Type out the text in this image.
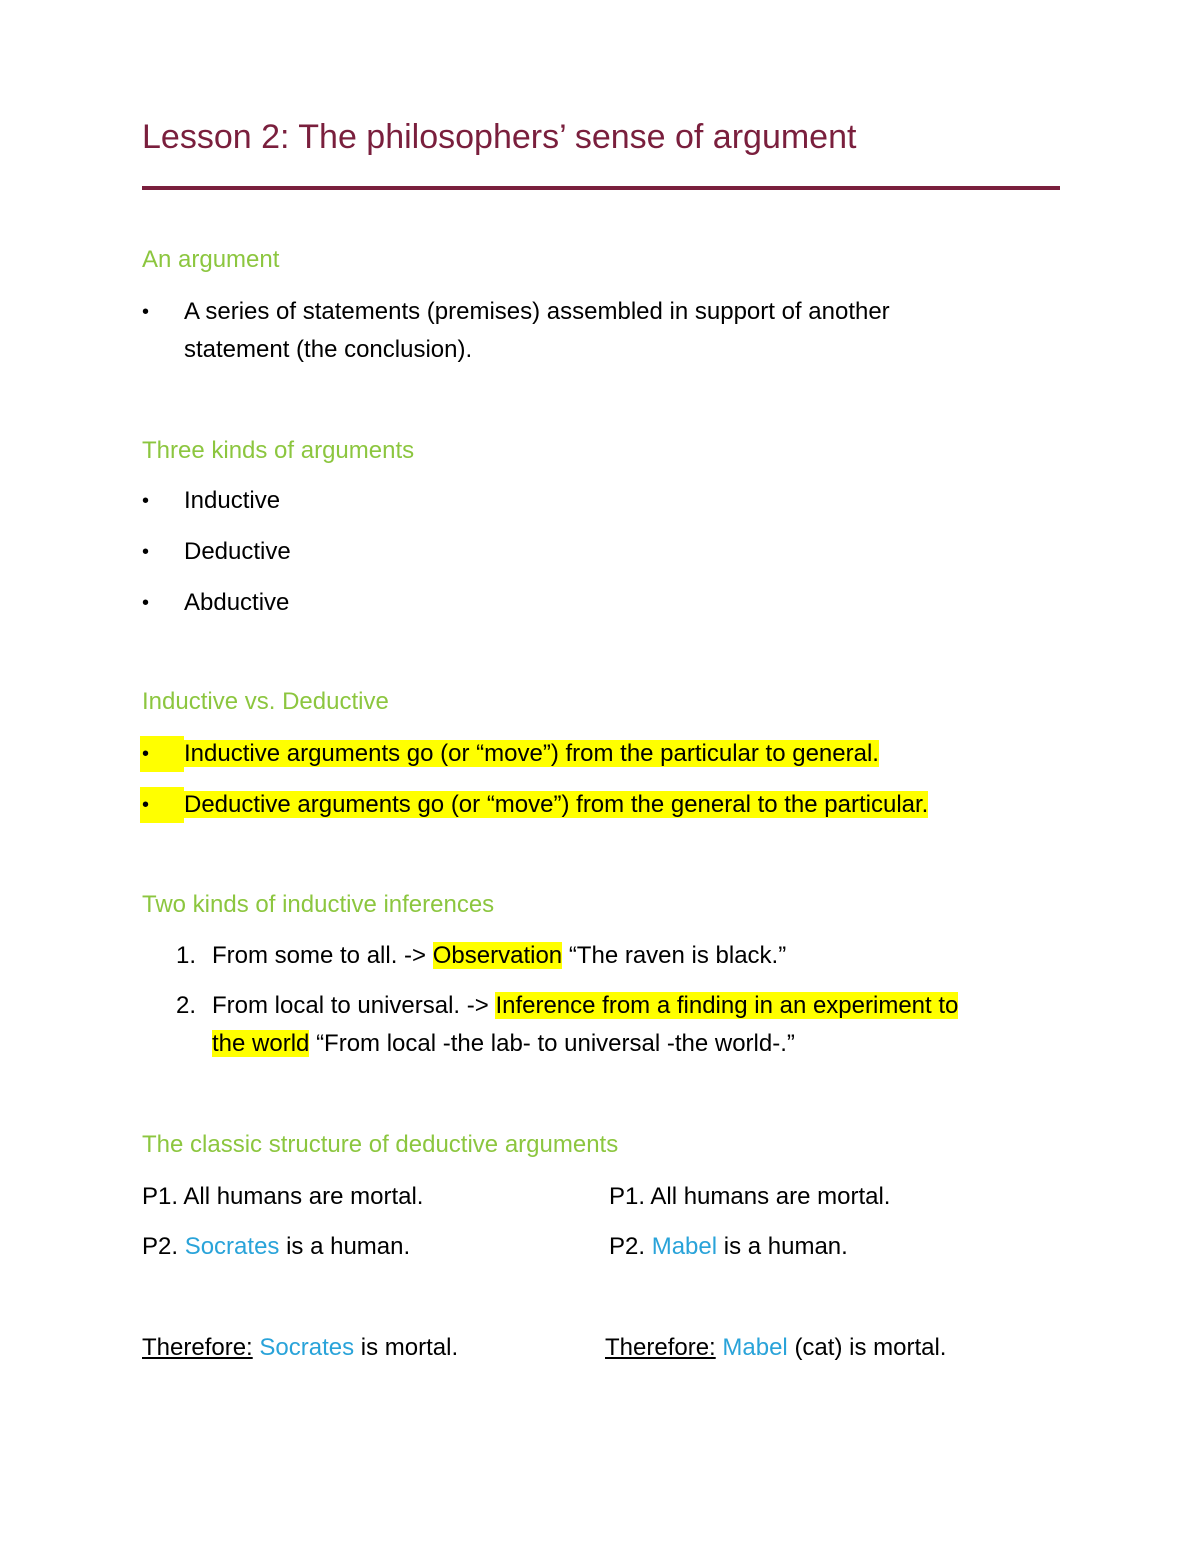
Lesson 2: The philosophers’ sense of argument
An argument
• A series of statements (premises) assembled in support of another
statement (the conclusion).
Three kinds of arguments
• Inductive
• Deductive
• Abductive
Inductive vs. Deductive
• Inductive arguments go (or “move”) from the particular to general.
• Deductive arguments go (or “move”) from the general to the particular.
Two kinds of inductive inferences
1. From some to all. -> Observation “The raven is black.”
2. From local to universal. -> Inference from a finding in an experiment to
the world “From local -the lab- to universal -the world-.”
The classic structure of deductive arguments
P1. All humans are mortal.
P2. Socrates is a human.
Therefore: Socrates is mortal.
P1. All humans are mortal.
P2. Mabel is a human.
Therefore: Mabel (cat) is mortal.
